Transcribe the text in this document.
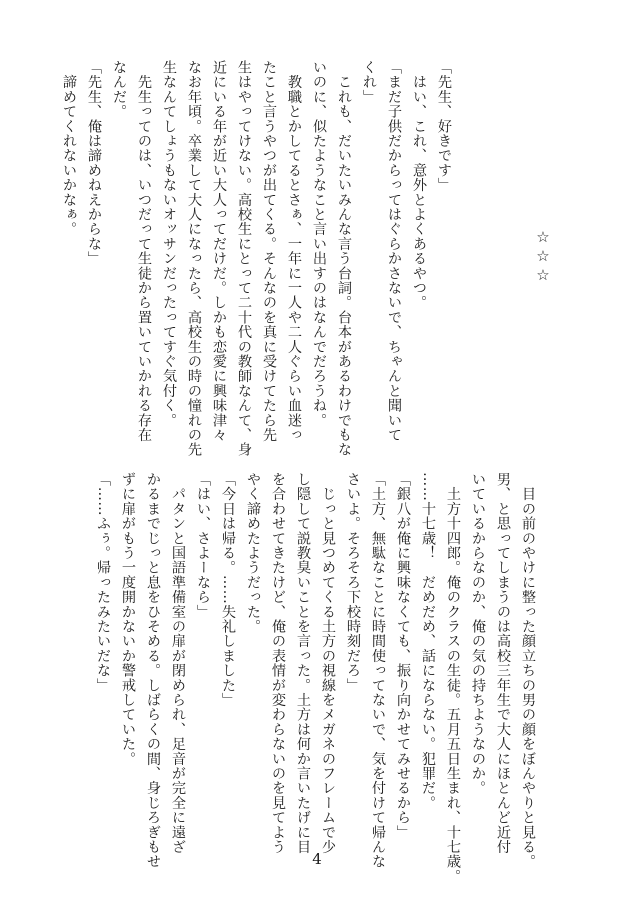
「先生、好きです」
　はい、これ、意外とよくあるやつ。
「まだ子供だからってはぐらかさないで、ちゃんと聞いて
くれ」
　これも、だいたいみんな言う台詞。台本があるわけでもな
いのに、似たようなこと言い出すのはなんでだろうね。
　教職とかしてるとさぁ、一年に一人や二人ぐらい血迷っ
たこと言うやつが出てくる。そんなのを真に受けてたら先
生はやってけない。高校生にとって二十代の教師なんて、身
近にいる年が近い大人ってだけだ。しかも恋愛に興味津々
なお年頃。卒業して大人になったら、高校生の時の憧れの先
生なんてしょうもないオッサンだったってすぐ気付く。
　先生ってのは、いつだって生徒から置いていかれる存在
なんだ。
「先生、俺は諦めねえからな」
　諦めてくれないかなぁ。
☆☆☆
　目の前のやけに整った顔立ちの男の顔をぼんやりと見る。
男、と思ってしまうのは高校三年生で大人にほとんど近付
いているからなのか、俺の気の持ちようなのか。
　土方十四郎。俺のクラスの生徒。五月五日生まれ、十七歳。
……十七歳！　だめだめ、話にならない。犯罪だ。
「銀八が俺に興味なくても、振り向かせてみせるから」
「土方、無駄なことに時間使ってないで、気を付けて帰んな
さいよ。そろそろ下校時刻だろ」
　じっと見つめてくる土方の視線をメガネのフレームで少
し隠して説教臭いことを言った。土方は何か言いたげに目
を合わせてきたけど、俺の表情が変わらないのを見てよう
やく諦めたようだった。
「今日は帰る。……失礼しました」
「はい、さよーなら」
　パタンと国語準備室の扉が閉められ、足音が完全に遠ざ
かるまでじっと息をひそめる。しばらくの間、身じろぎもせ
ずに扉がもう一度開かないか警戒していた。
「……ふぅ。帰ったみたいだな」
4
